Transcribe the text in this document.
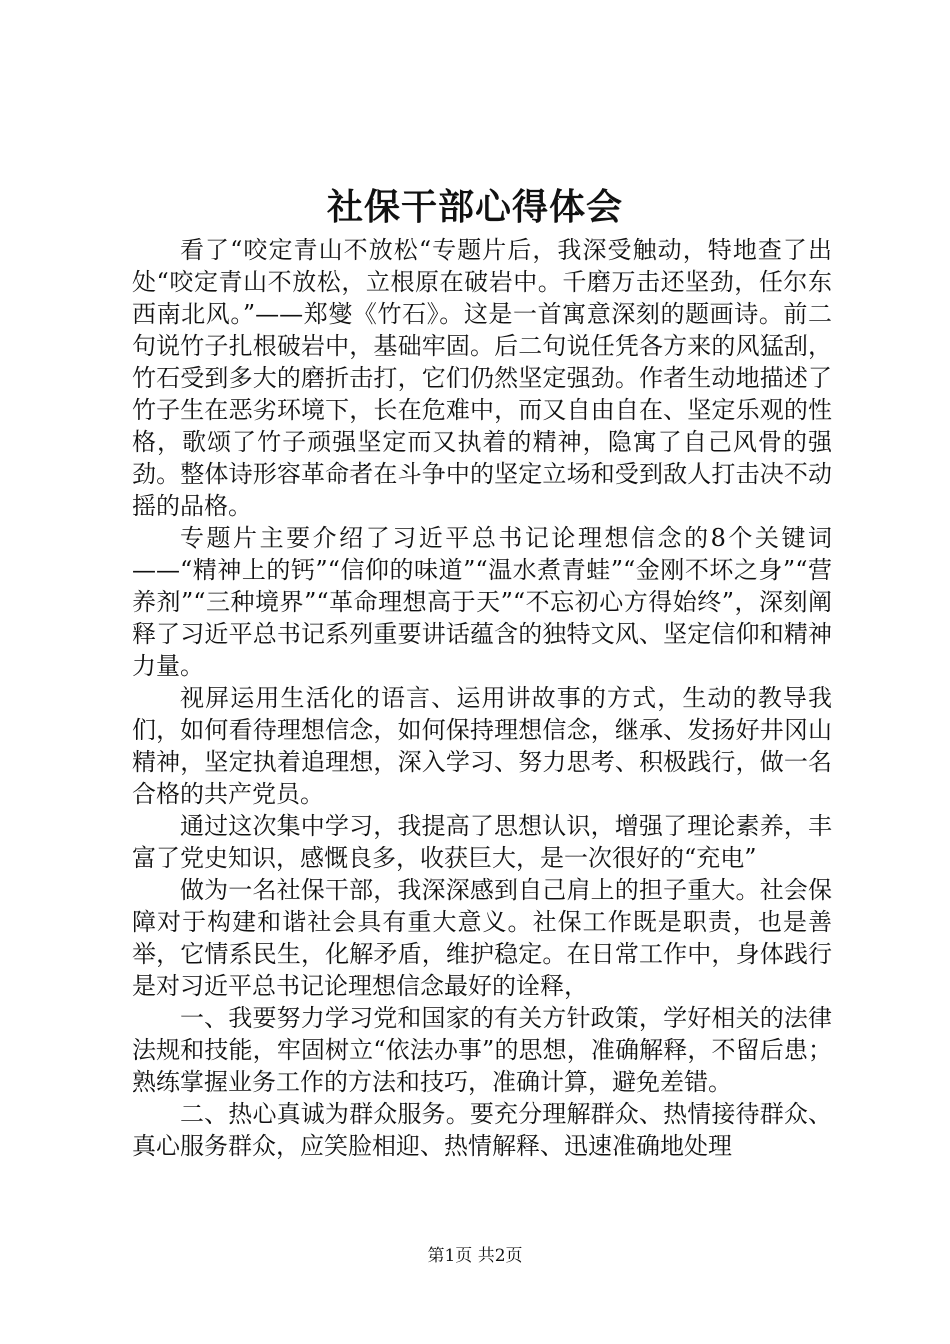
社保干部心得体会

看了“咬定青山不放松“专题片后，我深受触动，特地查了出处“咬定青山不放松，立根原在破岩中。千磨万击还坚劲，任尔东西南北风。”——郑燮《竹石》。这是一首寓意深刻的题画诗。前二句说竹子扎根破岩中，基础牢固。后二句说任凭各方来的风猛刮，竹石受到多大的磨折击打，它们仍然坚定强劲。作者生动地描述了竹子生在恶劣环境下，长在危难中，而又自由自在、坚定乐观的性格，歌颂了竹子顽强坚定而又执着的精神，隐寓了自己风骨的强劲。整体诗形容革命者在斗争中的坚定立场和受到敌人打击决不动摇的品格。

专题片主要介绍了习近平总书记论理想信念的8个关键词——“精神上的钙”“信仰的味道”“温水煮青蛙”“金刚不坏之身”“营养剂”“三种境界”“革命理想高于天”“不忘初心方得始终”，深刻阐释了习近平总书记系列重要讲话蕴含的独特文风、坚定信仰和精神力量。

视屏运用生活化的语言、运用讲故事的方式，生动的教导我们，如何看待理想信念，如何保持理想信念，继承、发扬好井冈山精神，坚定执着追理想，深入学习、努力思考、积极践行，做一名合格的共产党员。

通过这次集中学习，我提高了思想认识，增强了理论素养，丰富了党史知识，感慨良多，收获巨大，是一次很好的“充电”

做为一名社保干部，我深深感到自己肩上的担子重大。社会保障对于构建和谐社会具有重大意义。社保工作既是职责，也是善举，它情系民生，化解矛盾，维护稳定。在日常工作中，身体践行是对习近平总书记论理想信念最好的诠释，

一、我要努力学习党和国家的有关方针政策，学好相关的法律法规和技能，牢固树立“依法办事”的思想，准确解释，不留后患；熟练掌握业务工作的方法和技巧，准确计算，避免差错。

二、热心真诚为群众服务。要充分理解群众、热情接待群众、真心服务群众，应笑脸相迎、热情解释、迅速准确地处理

第1页 共2页
